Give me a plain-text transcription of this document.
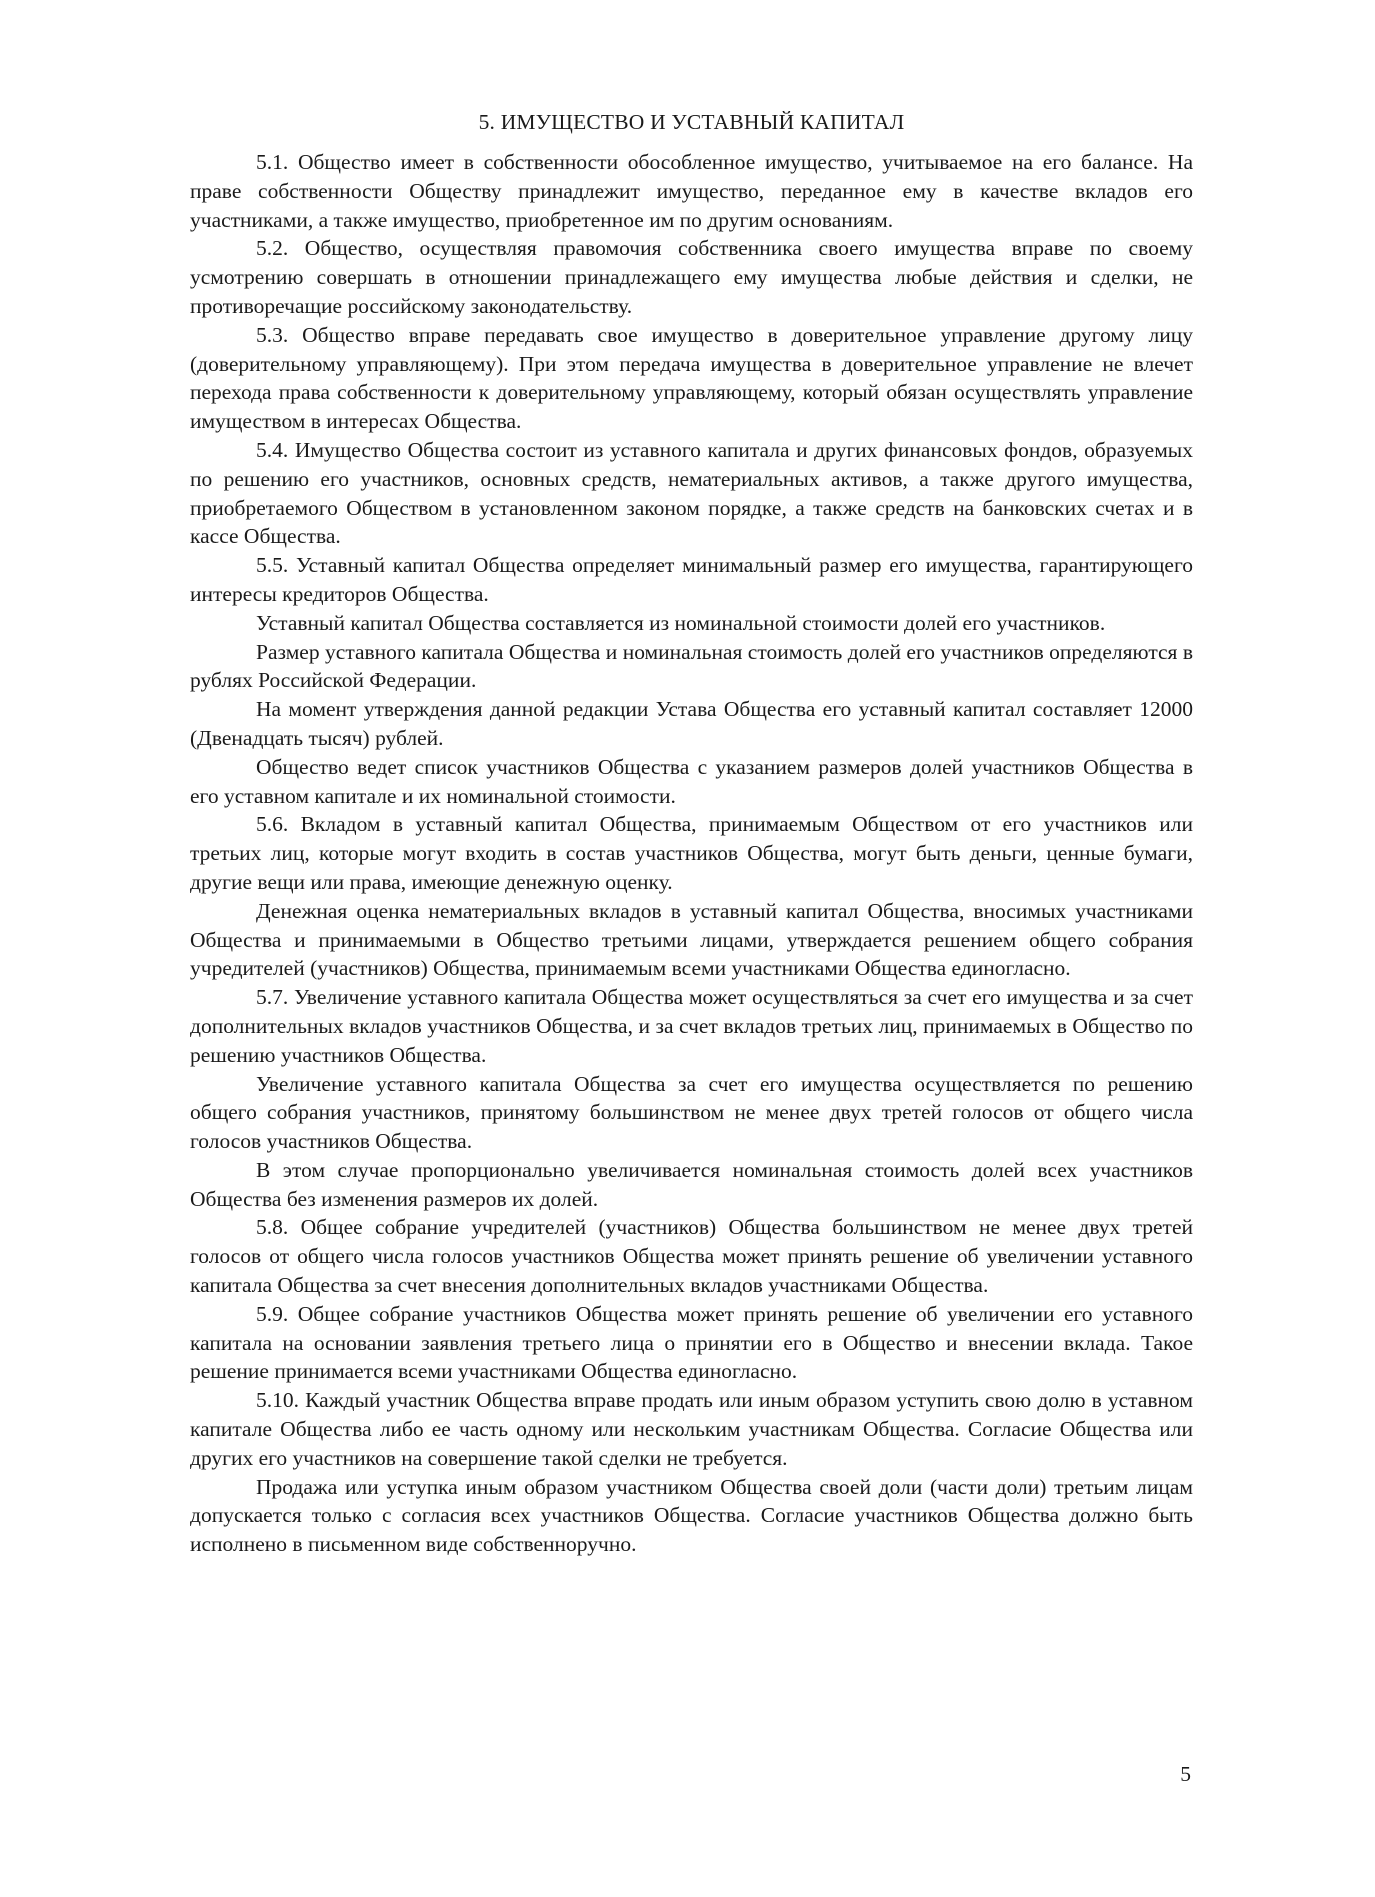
5. ИМУЩЕСТВО И УСТАВНЫЙ КАПИТАЛ

5.1. Общество имеет в собственности обособленное имущество, учитываемое на его балансе. На праве собственности Обществу принадлежит имущество, переданное ему в качестве вкладов его участниками, а также имущество, приобретенное им по другим основаниям.

5.2. Общество, осуществляя правомочия собственника своего имущества вправе по своему усмотрению совершать в отношении принадлежащего ему имущества любые действия и сделки, не противоречащие российскому законодательству.

5.3. Общество вправе передавать свое имущество в доверительное управление другому лицу (доверительному управляющему). При этом передача имущества в доверительное управление не влечет перехода права собственности к доверительному управляющему, который обязан осуществлять управление имуществом в интересах Общества.

5.4. Имущество Общества состоит из уставного капитала и других финансовых фондов, образуемых по решению его участников, основных средств, нематериальных активов, а также другого имущества, приобретаемого Обществом в установленном законом порядке, а также средств на банковских счетах и в кассе Общества.

5.5. Уставный капитал Общества определяет минимальный размер его имущества, гарантирующего интересы кредиторов Общества.

Уставный капитал Общества составляется из номинальной стоимости долей его участников.

Размер уставного капитала Общества и номинальная стоимость долей его участников определяются в рублях Российской Федерации.

На момент утверждения данной редакции Устава Общества его уставный капитал составляет 12000 (Двенадцать тысяч) рублей.

Общество ведет список участников Общества с указанием размеров долей участников Общества в его уставном капитале и их номинальной стоимости.

5.6. Вкладом в уставный капитал Общества, принимаемым Обществом от его участников или третьих лиц, которые могут входить в состав участников Общества, могут быть деньги, ценные бумаги, другие вещи или права, имеющие денежную оценку.

Денежная оценка нематериальных вкладов в уставный капитал Общества, вносимых участниками Общества и принимаемыми в Общество третьими лицами, утверждается решением общего собрания учредителей (участников) Общества, принимаемым всеми участниками Общества единогласно.

5.7. Увеличение уставного капитала Общества может осуществляться за счет его имущества и за счет дополнительных вкладов участников Общества, и за счет вкладов третьих лиц, принимаемых в Общество по решению участников Общества.

Увеличение уставного капитала Общества за счет его имущества осуществляется по решению общего собрания участников, принятому большинством не менее двух третей голосов от общего числа голосов участников Общества.

В этом случае пропорционально увеличивается номинальная стоимость долей всех участников Общества без изменения размеров их долей.

5.8. Общее собрание учредителей (участников) Общества большинством не менее двух третей голосов от общего числа голосов участников Общества может принять решение об увеличении уставного капитала Общества за счет внесения дополнительных вкладов участниками Общества.

5.9. Общее собрание участников Общества может принять решение об увеличении его уставного капитала на основании заявления третьего лица о принятии его в Общество и внесении вклада. Такое решение принимается всеми участниками Общества единогласно.

5.10. Каждый участник Общества вправе продать или иным образом уступить свою долю в уставном капитале Общества либо ее часть одному или нескольким участникам Общества. Согласие Общества или других его участников на совершение такой сделки не требуется.

Продажа или уступка иным образом участником Общества своей доли (части доли) третьим лицам допускается только с согласия всех участников Общества. Согласие участников Общества должно быть исполнено в письменном виде собственноручно.

5
